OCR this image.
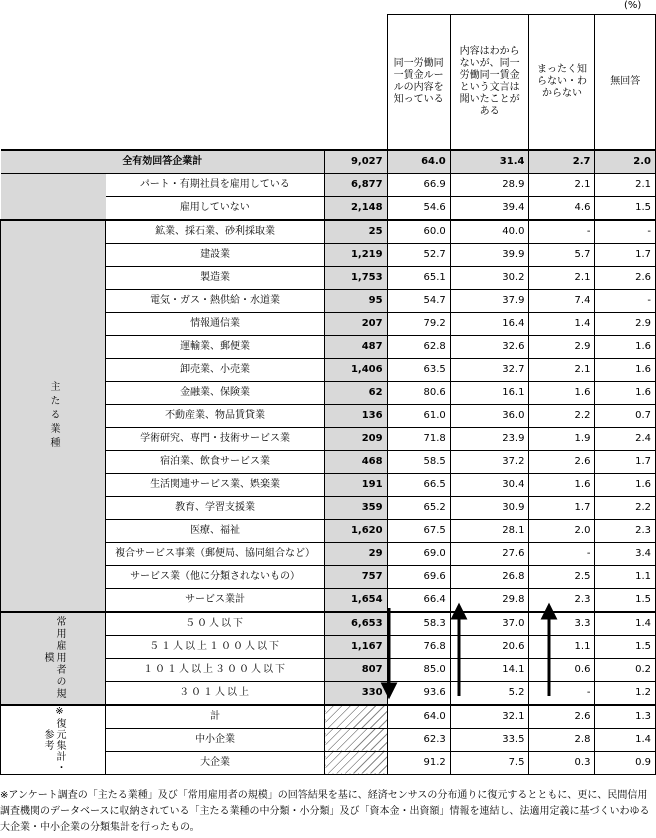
(%)
			同一労働同一賃金ルールの内容を知っている	内容はわからないが、同一労働同一賃金という文言は聞いたことがある	まったく知らない・わからない	無回答
全有効回答企業計		9,027	64.0	31.4	2.7	2.0
	パート・有期社員を雇用している	6,877	66.9	28.9	2.1	2.1
	雇用していない	2,148	54.6	39.4	4.6	1.5
主たる業種	鉱業、採石業、砂利採取業	25	60.0	40.0	-	-
	建設業	1,219	52.7	39.9	5.7	1.7
	製造業	1,753	65.1	30.2	2.1	2.6
	電気・ガス・熱供給・水道業	95	54.7	37.9	7.4	-
	情報通信業	207	79.2	16.4	1.4	2.9
	運輸業、郵便業	487	62.8	32.6	2.9	1.6
	卸売業、小売業	1,406	63.5	32.7	2.1	1.6
	金融業、保険業	62	80.6	16.1	1.6	1.6
	不動産業、物品賃貸業	136	61.0	36.0	2.2	0.7
	学術研究、専門・技術サービス業	209	71.8	23.9	1.9	2.4
	宿泊業、飲食サービス業	468	58.5	37.2	2.6	1.7
	生活関連サービス業、娯楽業	191	66.5	30.4	1.6	1.6
	教育、学習支援業	359	65.2	30.9	1.7	2.2
	医療、福祉	1,620	67.5	28.1	2.0	2.3
	複合サービス事業（郵便局、協同組合など）	29	69.0	27.6	-	3.4
	サービス業（他に分類されないもの）	757	69.6	26.8	2.5	1.1
	サービス業計	1,654	66.4	29.8	2.3	1.5
常用雇用者の規模	５０人以下	6,653	58.3	37.0	3.3	1.4
	５１人以上１００人以下	1,167	76.8	20.6	1.1	1.5
	１０１人以上３００人以下	807	85.0	14.1	0.6	0.2
	３０１人以上	330	93.6	5.2	-	1.2
※復元集計・参考	計		64.0	32.1	2.6	1.3
	中小企業		62.3	33.5	2.8	1.4
	大企業		91.2	7.5	0.3	0.9
※アンケート調査の「主たる業種」及び「常用雇用者の規模」の回答結果を基に、経済センサスの分布通りに復元するとともに、更に、民間信用調査機関のデータベースに収納されている「主たる業種の中分類・小分類」及び「資本金・出資額」情報を連結し、法適用定義に基づくいわゆる大企業・中小企業の分類集計を行ったもの。
